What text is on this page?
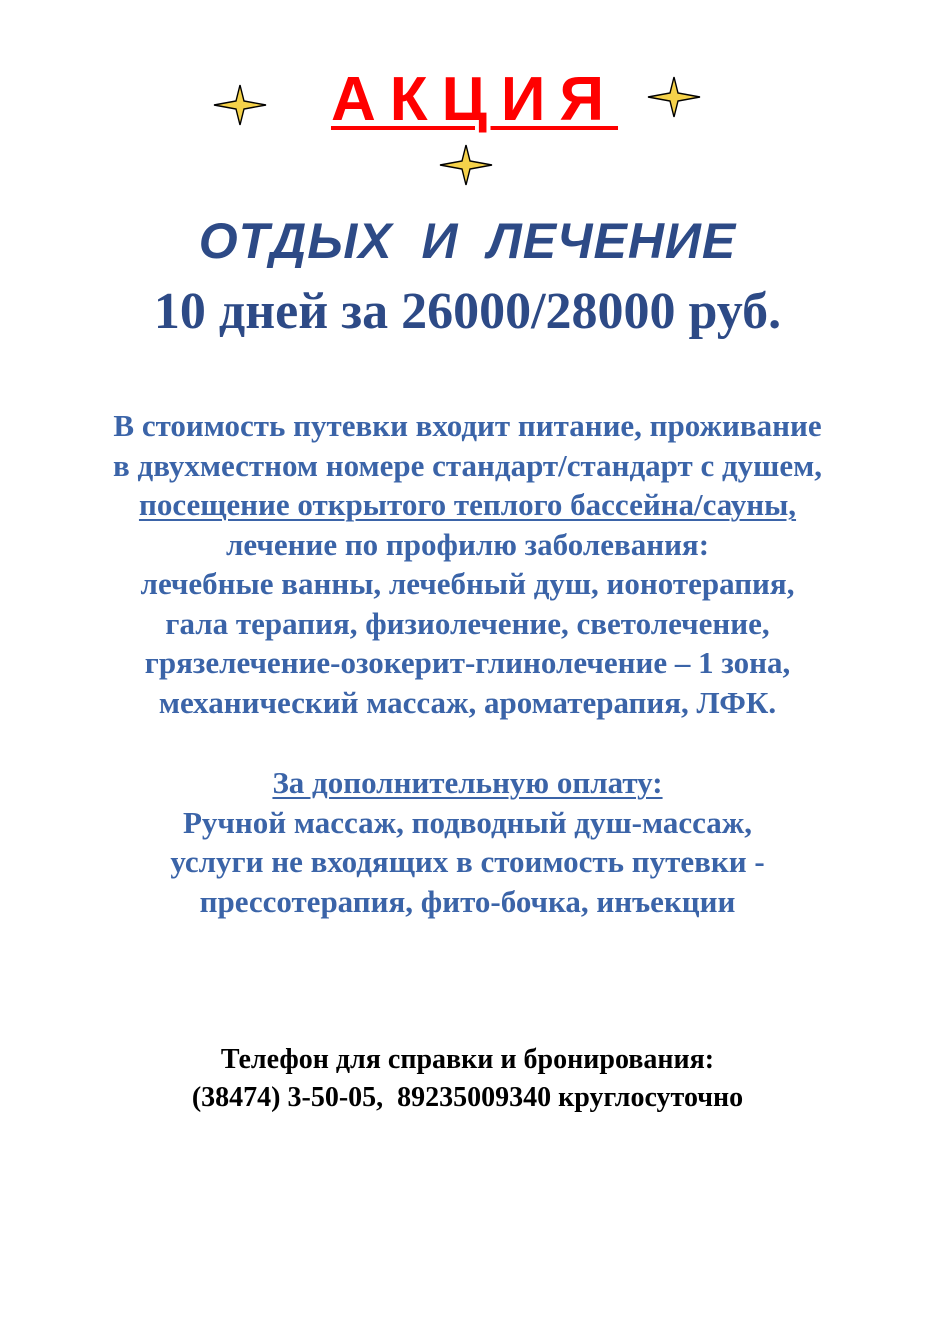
АКЦИЯ
ОТДЫХ И ЛЕЧЕНИЕ
10 дней за 26000/28000 руб.
В стоимость путевки входит питание, проживание
в двухместном номере стандарт/стандарт с душем,
посещение открытого теплого бассейна/сауны,
лечение по профилю заболевания:
лечебные ванны, лечебный душ, ионотерапия,
гала терапия, физиолечение, светолечение,
грязелечение-озокерит-глинолечение – 1 зона,
механический массаж, ароматерапия, ЛФК.
За дополнительную оплату:
Ручной массаж, подводный душ-массаж,
услуги не входящих в стоимость путевки -
прессотерапия, фито-бочка, инъекции
Телефон для справки и бронирования:
(38474) 3-50-05,  89235009340 круглосуточно
